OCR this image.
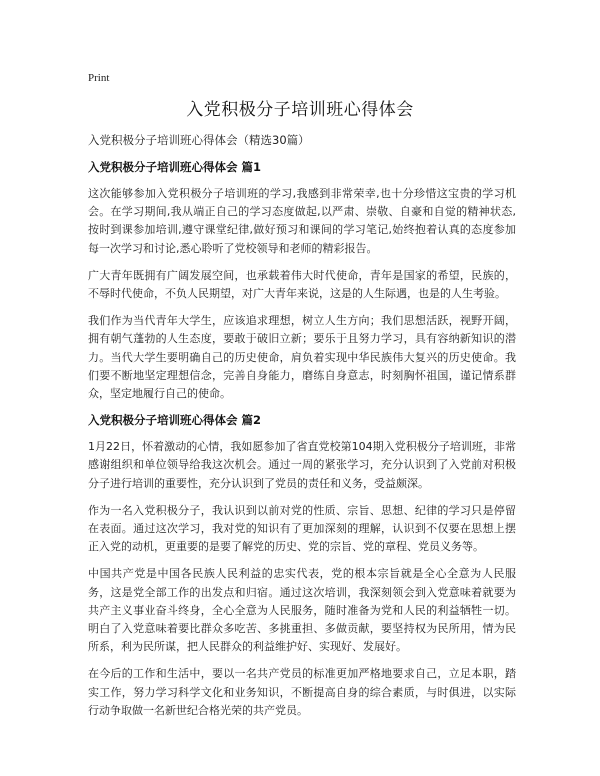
Print
入党积极分子培训班心得体会

入党积极分子培训班心得体会（精选30篇）

入党积极分子培训班心得体会 篇1

这次能够参加入党积极分子培训班的学习,我感到非常荣幸,也十分珍惜这宝贵的学习机会。在学习期间,我从端正自己的学习态度做起,以严肃、崇敬、自豪和自觉的精神状态,按时到课参加培训,遵守课堂纪律,做好预习和课间的学习笔记,始终抱着认真的态度参加每一次学习和讨论,悉心聆听了党校领导和老师的精彩报告。

广大青年既拥有广阔发展空间，也承载着伟大时代使命，青年是国家的希望，民族的，不辱时代使命，不负人民期望，对广大青年来说，这是的人生际遇，也是的人生考验。

我们作为当代青年大学生，应该追求理想，树立人生方向；我们思想活跃，视野开阔，拥有朝气蓬勃的人生态度，要敢于破旧立新；要乐于且努力学习，具有容纳新知识的潜力。当代大学生要明确自己的历史使命，肩负着实现中华民族伟大复兴的历史使命。我们要不断地坚定理想信念，完善自身能力，磨练自身意志，时刻胸怀祖国，谨记情系群众，坚定地履行自己的使命。

入党积极分子培训班心得体会 篇2

1月22日，怀着激动的心情，我如愿参加了省直党校第104期入党积极分子培训班，非常感谢组织和单位领导给我这次机会。通过一周的紧张学习，充分认识到了入党前对积极分子进行培训的重要性，充分认识到了党员的责任和义务，受益颇深。

作为一名入党积极分子，我认识到以前对党的性质、宗旨、思想、纪律的学习只是停留在表面。通过这次学习，我对党的知识有了更加深刻的理解，认识到不仅要在思想上摆正入党的动机，更重要的是要了解党的历史、党的宗旨、党的章程、党员义务等。

中国共产党是中国各民族人民利益的忠实代表，党的根本宗旨就是全心全意为人民服务，这是党全部工作的出发点和归宿。通过这次培训，我深刻领会到入党意味着就要为共产主义事业奋斗终身，全心全意为人民服务，随时准备为党和人民的利益牺牲一切。明白了入党意味着要比群众多吃苦、多挑重担、多做贡献，要坚持权为民所用，情为民所系，利为民所谋，把人民群众的利益维护好、实现好、发展好。

在今后的工作和生活中，要以一名共产党员的标准更加严格地要求自己，立足本职，踏实工作，努力学习科学文化和业务知识，不断提高自身的综合素质，与时俱进，以实际行动争取做一名新世纪合格光荣的共产党员。
